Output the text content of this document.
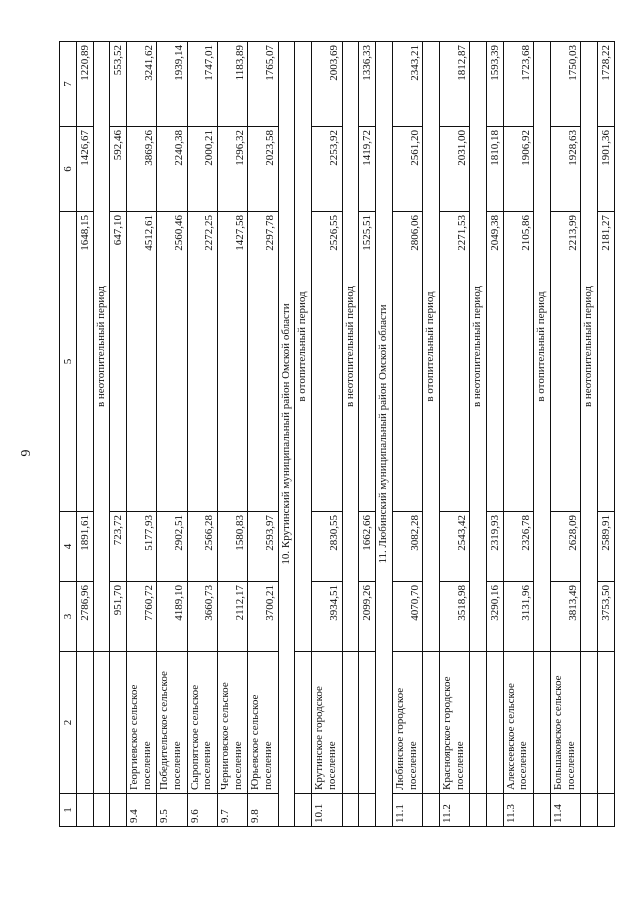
6
1	2	3	4	5	6	7
		2786,96	1891,61	1648,15	1426,67	1220,89
		в неотопительный период				
		951,70	723,72	647,10	592,46	553,52
9.4	Георгиевское сельское поселение	7760,72	5177,93	4512,61	3869,26	3241,62
9.5	Победительское сельское поселение	4189,10	2902,51	2560,46	2240,38	1939,14
9.6	Сыропятское сельское поселение	3660,73	2566,28	2272,25	2000,21	1747,01
9.7	Черниговское сельское поселение	2112,17	1580,83	1427,58	1296,32	1183,89
9.8	Юрьевское сельское поселение	3700,21	2593,97	2297,78	2023,58	1765,07
10. Крутинский муниципальный район Омской области						
		в отопительный период				
10.1	Крутинское городское поселение	3934,51	2830,55	2526,55	2253,92	2003,69
		в неотопительный период				
		2099,26	1662,66	1525,51	1419,72	1336,33
11. Любинский муниципальный район Омской области						
11.1	Любинское городское поселение	4070,70	3082,28	2806,06	2561,20	2343,21
		в отопительный период				
11.2	Красноярское городское поселение	3518,98	2543,42	2271,53	2031,00	1812,87
		в неотопительный период				
		3290,16	2319,93	2049,38	1810,18	1593,39
11.3	Алексеевское сельское поселение	3131,96	2326,78	2105,86	1906,92	1723,68
		в отопительный период				
11.4	Большаковское сельское поселение	3813,49	2628,09	2213,99	1928,63	1750,03
		в неотопительный период				
		3753,50	2589,91	2181,27	1901,36	1728,22
